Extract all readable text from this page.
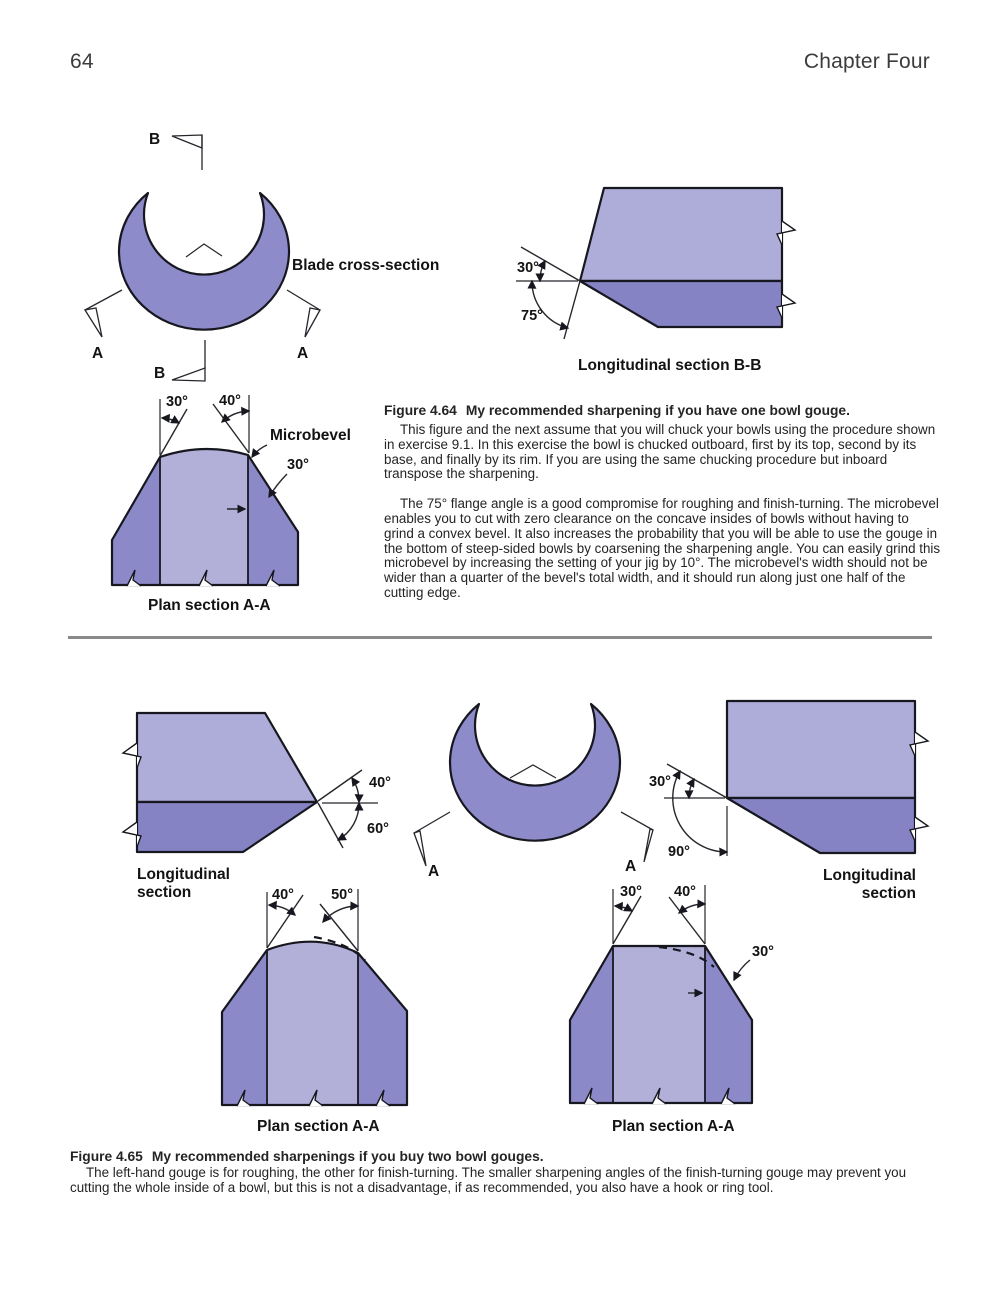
64	Chapter Four
B
A	A
B
Blade cross-section
30° 40°
Microbevel
30°
Plan section A-A
30°
75°
Longitudinal section B-B
40°
60°
Longitudinal
section
A	A
30°
90°
Longitudinal
section
40°	50°
Plan section A-A
30° 40°
30°
Plan section A-A

Figure 4.64 My recommended sharpening if you have one bowl gouge.

This figure and the next assume that you will chuck your bowls using the procedure shown in exercise 9.1. In this exercise the bowl is chucked outboard, first by its top, second by its base, and finally by its rim. If you are using the same chucking procedure but inboard transpose the sharpening.

The 75° flange angle is a good compromise for roughing and finish-turning. The microbevel enables you to cut with zero clearance on the concave insides of bowls without having to grind a convex bevel. It also increases the probability that you will be able to use the gouge in the bottom of steep-sided bowls by coarsening the sharpening angle. You can easily grind this microbevel by increasing the setting of your jig by 10°. The microbevel's width should not be wider than a quarter of the bevel's total width, and it should run along just one half of the cutting edge.

Figure 4.65 My recommended sharpenings if you buy two bowl gouges.

The left-hand gouge is for roughing, the other for finish-turning. The smaller sharpening angles of the finish-turning gouge may prevent you cutting the whole inside of a bowl, but this is not a disadvantage, if as recommended, you also have a hook or ring tool.
